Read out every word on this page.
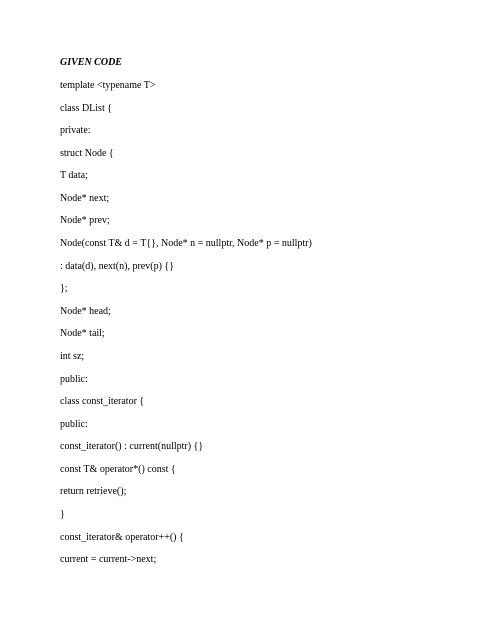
GIVEN CODE
template <typename T>
class DList {
private:
struct Node {
T data;
Node* next;
Node* prev;
Node(const T& d = T{}, Node* n = nullptr, Node* p = nullptr)
: data(d), next(n), prev(p) {}
};
Node* head;
Node* tail;
int sz;
public:
class const_iterator {
public:
const_iterator() : current(nullptr) {}
const T& operator*() const {
return retrieve();
}
const_iterator& operator++() {
current = current->next;
